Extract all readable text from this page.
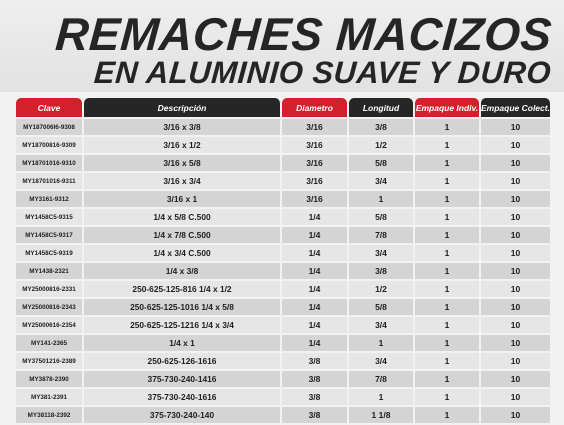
REMACHES MACIZOS
EN ALUMINIO SUAVE Y DURO
Clave	Descripción	Diametro	Longitud	Empaque Indiv.	Empaque Colect.
MY187006I6-9308	3/16 x 3/8	3/16	3/8	1	10
MY18700816-9309	3/16 x 1/2	3/16	1/2	1	10
MY18701016-9310	3/16 x 5/8	3/16	5/8	1	10
MY18701016-9311	3/16 x 3/4	3/16	3/4	1	10
MY3161-9312	3/16 x 1	3/16	1	1	10
MY1458C5-9315	1/4 x 5/8 C.500	1/4	5/8	1	10
MY1458C5-9317	1/4 x 7/8 C.500	1/4	7/8	1	10
MY1458C5-9319	1/4 x 3/4 C.500	1/4	3/4	1	10
MY1438-2321	1/4 x 3/8	1/4	3/8	1	10
MY25000816-2331	250-625-125-816 1/4 x 1/2	1/4	1/2	1	10
MY25000816-2343	250-625-125-1016 1/4 x 5/8	1/4	5/8	1	10
MY25000616-2354	250-625-125-1216 1/4 x 3/4	1/4	3/4	1	10
MY141-2365	1/4 x 1	1/4	1	1	10
MY37501216-2389	250-625-126-1616	3/8	3/4	1	10
MY3878-2390	375-730-240-1416	3/8	7/8	1	10
MY381-2391	375-730-240-1616	3/8	1	1	10
MY38118-2392	375-730-240-140	3/8	1 1/8	1	10
